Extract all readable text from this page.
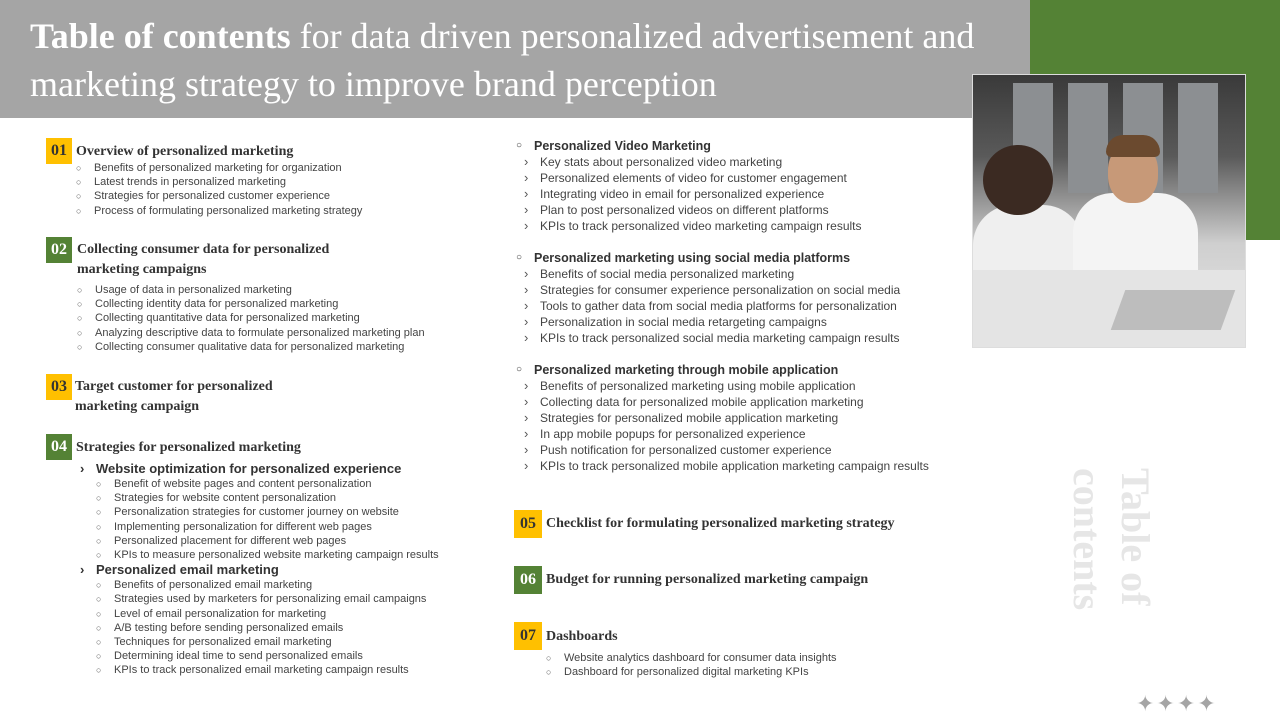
Table of contents for data driven personalized advertisement and marketing strategy to improve brand perception
Table of contents
01 Overview of personalized marketing
○ Benefits of personalized marketing for organization
○ Latest trends in personalized marketing
○ Strategies for personalized customer experience
○ Process of formulating personalized marketing strategy
02 Collecting consumer data for personalized
marketing campaigns
○ Usage of data in personalized marketing
○ Collecting identity data for personalized marketing
○ Collecting quantitative data for personalized marketing
○ Analyzing descriptive data to formulate personalized marketing plan
○ Collecting consumer qualitative data for personalized marketing
03 Target customer for personalized
marketing campaign
04 Strategies for personalized marketing
› Website optimization for personalized experience
○ Benefit of website pages and content personalization
○ Strategies for website content personalization
○ Personalization strategies for customer journey on website
○ Implementing personalization for different web pages
○ Personalized placement for different web pages
○ KPIs to measure personalized website marketing campaign results
› Personalized email marketing
○ Benefits of personalized email marketing
○ Strategies used by marketers for personalizing email campaigns
○ Level of email personalization for marketing
○ A/B testing before sending personalized emails
○ Techniques for personalized email marketing
○ Determining ideal time to send personalized emails
○ KPIs to track personalized email marketing campaign results
○ Personalized Video Marketing
› Key stats about personalized video marketing
› Personalized elements of video for customer engagement
› Integrating video in email for personalized experience
› Plan to post personalized videos on different platforms
› KPIs to track personalized video marketing campaign results
○ Personalized marketing using social media platforms
› Benefits of social media personalized marketing
› Strategies for consumer experience personalization on social media
› Tools to gather data from social media platforms for personalization
› Personalization in social media retargeting campaigns
› KPIs to track personalized social media marketing campaign results
○ Personalized marketing through mobile application
› Benefits of personalized marketing using mobile application
› Collecting data for personalized mobile application marketing
› Strategies for personalized mobile application marketing
› In app mobile popups for personalized experience
› Push notification for personalized customer experience
› KPIs to track personalized mobile application marketing campaign results
05 Checklist for formulating personalized marketing strategy
06 Budget for running personalized marketing campaign
07 Dashboards
○ Website analytics dashboard for consumer data insights
○ Dashboard for personalized digital marketing KPIs
✦✦✦✦
